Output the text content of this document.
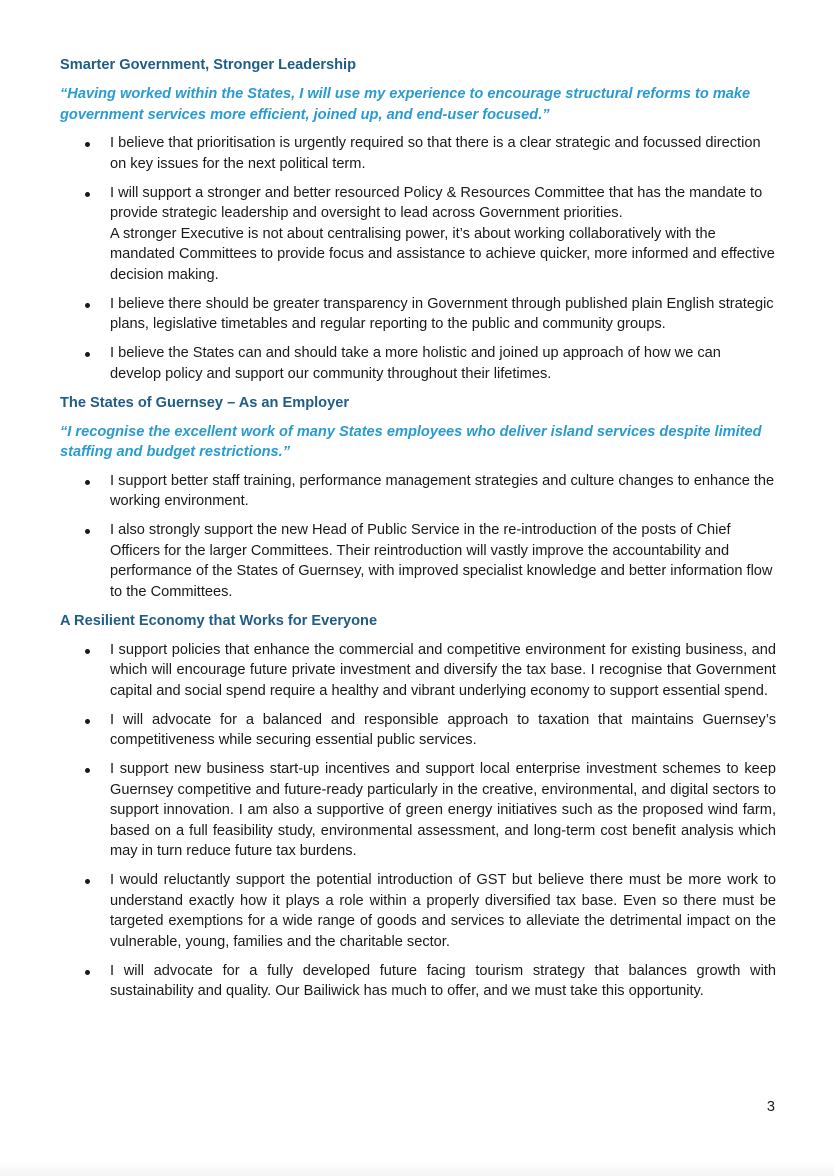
Smarter Government, Stronger Leadership
“Having worked within the States, I will use my experience to encourage structural reforms to make government services more efficient, joined up, and end-user focused.”
I believe that prioritisation is urgently required so that there is a clear strategic and focussed direction on key issues for the next political term.
I will support a stronger and better resourced Policy & Resources Committee that has the mandate to provide strategic leadership and oversight to lead across Government priorities.
A stronger Executive is not about centralising power, it’s about working collaboratively with the mandated Committees to provide focus and assistance to achieve quicker, more informed and effective decision making.
I believe there should be greater transparency in Government through published plain English strategic plans, legislative timetables and regular reporting to the public and community groups.
I believe the States can and should take a more holistic and joined up approach of how we can develop policy and support our community throughout their lifetimes.
The States of Guernsey – As an Employer
“I recognise the excellent work of many States employees who deliver island services despite limited staffing and budget restrictions.”
I support better staff training, performance management strategies and culture changes to enhance the working environment.
I also strongly support the new Head of Public Service in the re-introduction of the posts of Chief Officers for the larger Committees. Their reintroduction will vastly improve the accountability and performance of the States of Guernsey, with improved specialist knowledge and better information flow to the Committees.
A Resilient Economy that Works for Everyone
I support policies that enhance the commercial and competitive environment for existing business, and which will encourage future private investment and diversify the tax base. I recognise that Government capital and social spend require a healthy and vibrant underlying economy to support essential spend.
I will advocate for a balanced and responsible approach to taxation that maintains Guernsey’s competitiveness while securing essential public services.
I support new business start-up incentives and support local enterprise investment schemes to keep Guernsey competitive and future-ready particularly in the creative, environmental, and digital sectors to support innovation. I am also a supportive of green energy initiatives such as the proposed wind farm, based on a full feasibility study, environmental assessment, and long-term cost benefit analysis which may in turn reduce future tax burdens.
I would reluctantly support the potential introduction of GST but believe there must be more work to understand exactly how it plays a role within a properly diversified tax base. Even so there must be targeted exemptions for a wide range of goods and services to alleviate the detrimental impact on the vulnerable, young, families and the charitable sector.
I will advocate for a fully developed future facing tourism strategy that balances growth with sustainability and quality. Our Bailiwick has much to offer, and we must take this opportunity.
3
